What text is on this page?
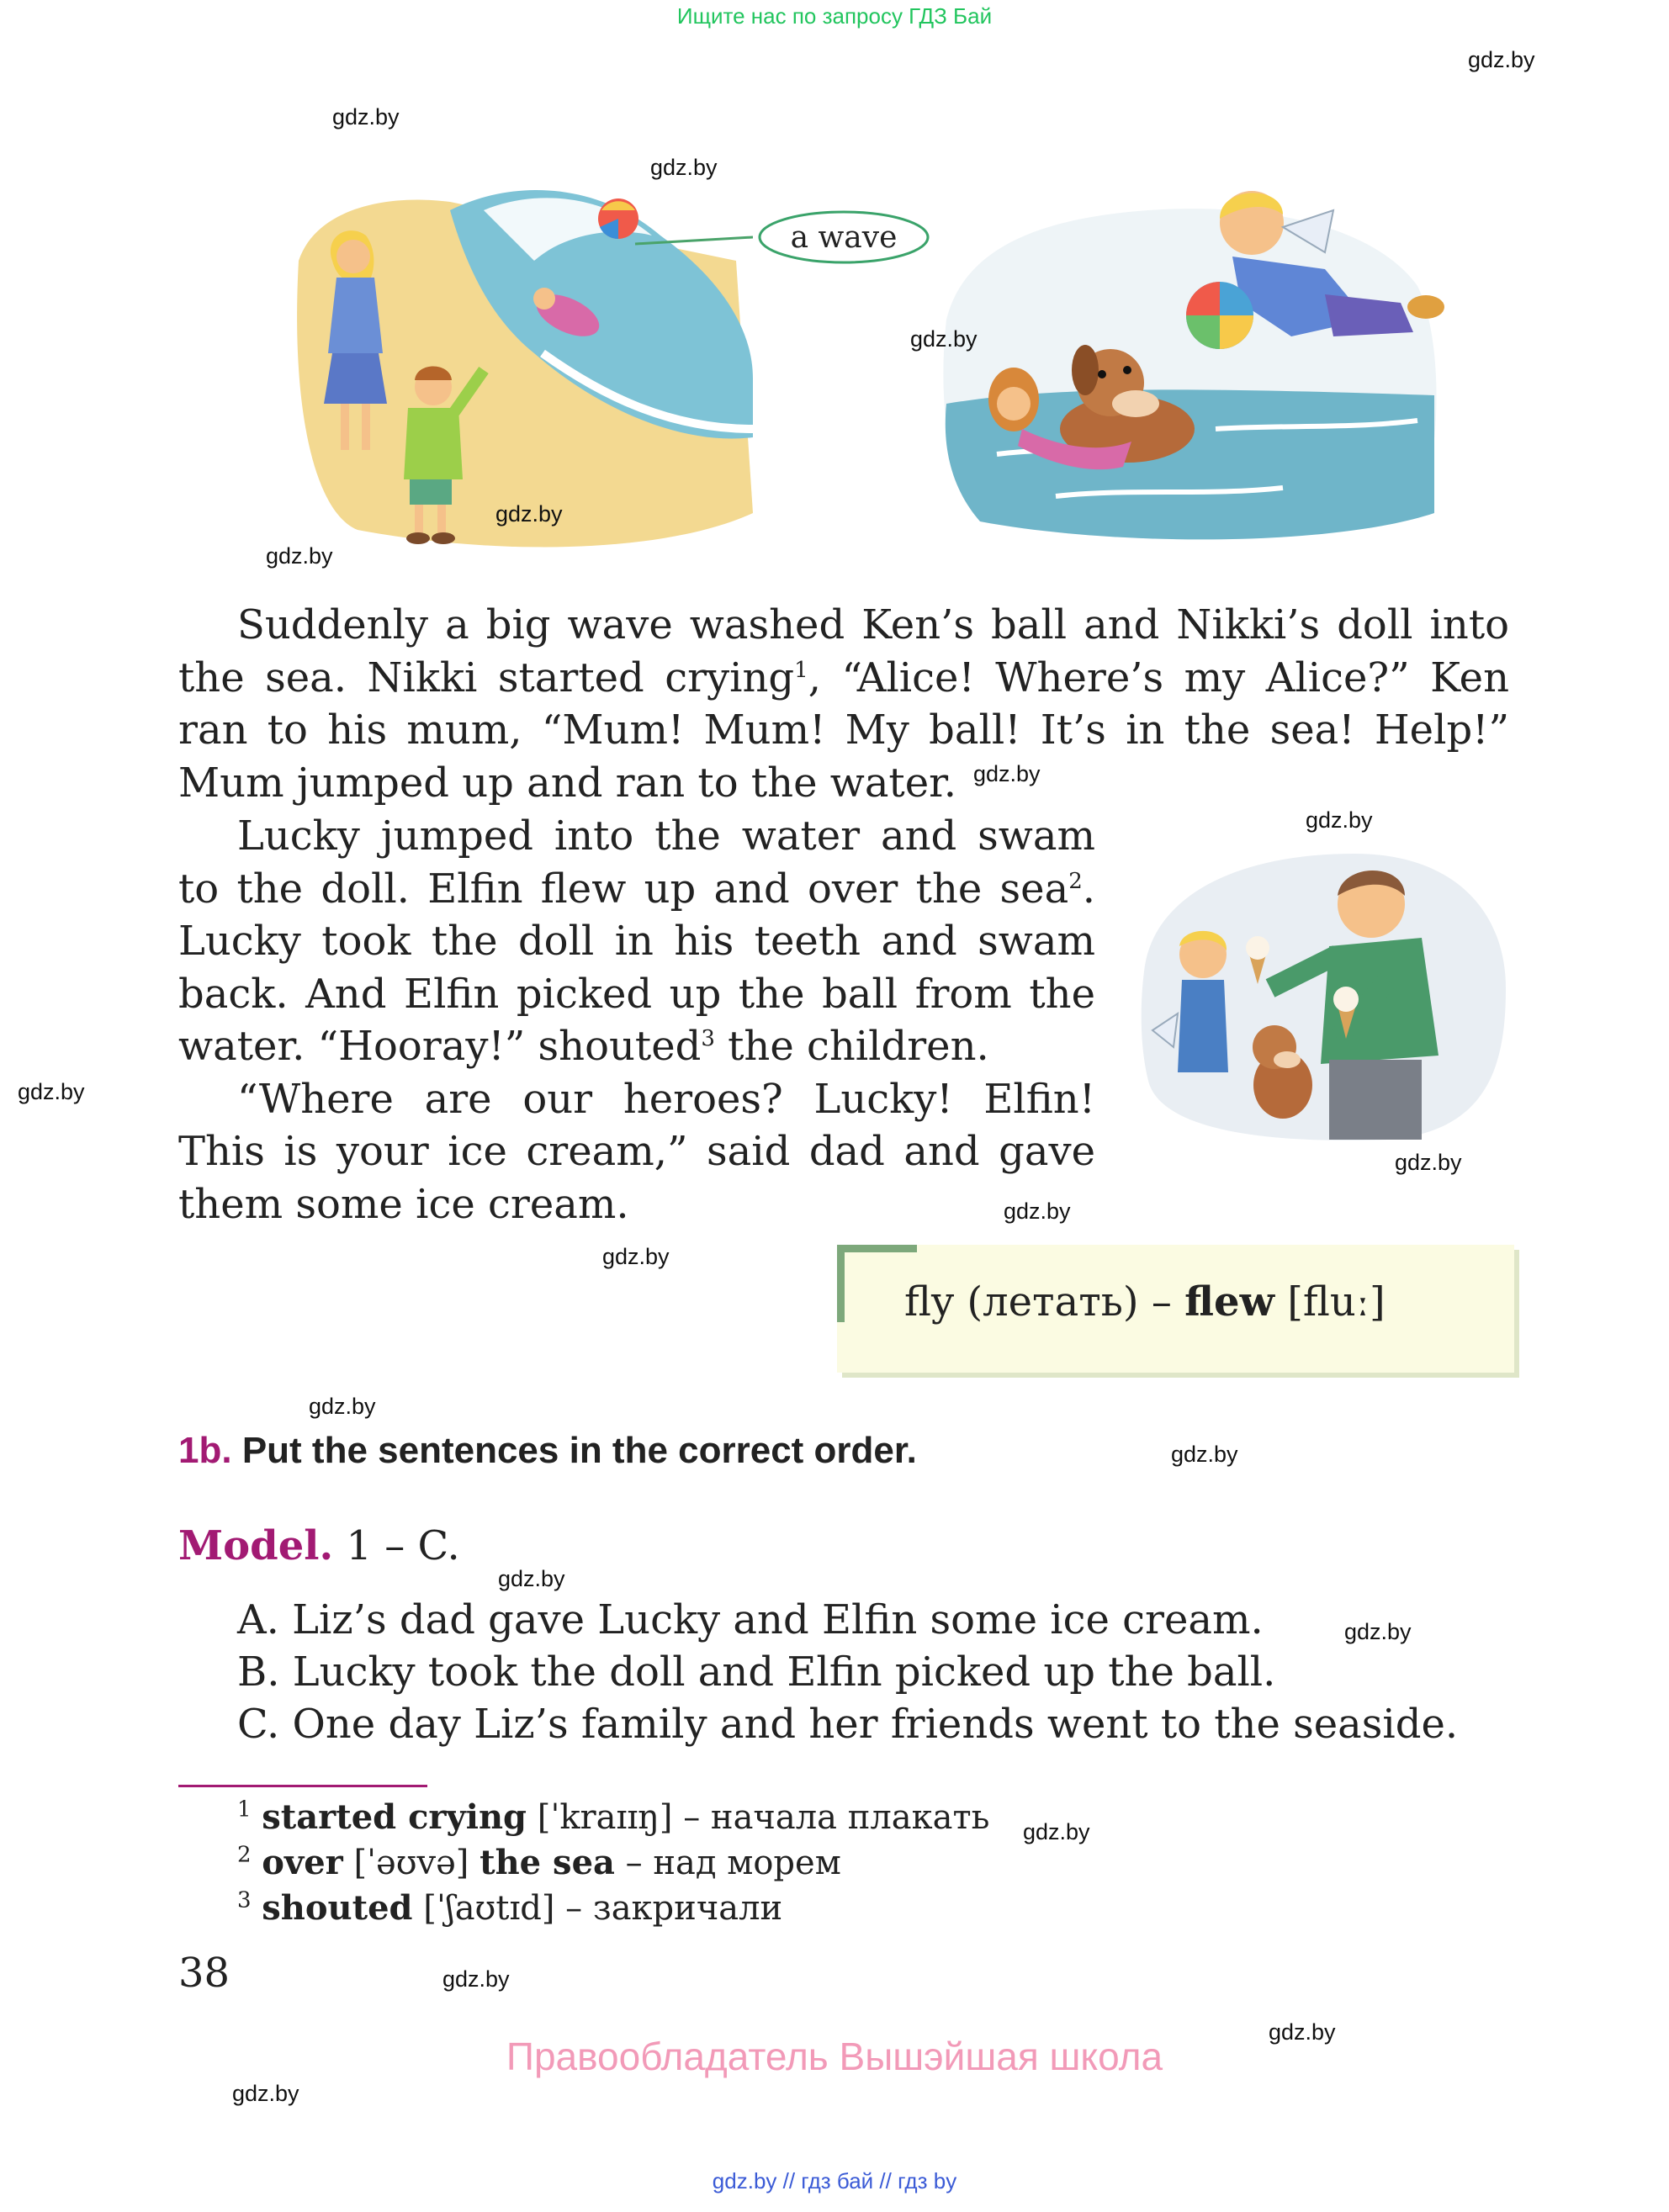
Ищите нас по запросу ГДЗ Бай
a wave

Suddenly a big wave washed Ken’s ball and Nikki’s doll into the sea. Nikki started crying$^1$, “Alice! Where’s my Alice?” Ken ran to his mum, “Mum! Mum! My ball! It’s in the sea! Help!” Mum jumped up and ran to the water.

Lucky jumped into the water and swam to the doll. Elfin flew up and over the sea$^2$. Lucky took the doll in his teeth and swam back. And Elfin picked up the ball from the water. “Hooray!” shouted$^3$ the children.

“Where are our heroes? Lucky! Elfin! This is your ice cream,” said dad and gave them some ice cream.

fly (летать) – flew [fluː]
1b. Put the sentences in the correct order.
Model. 1 – C.
A. Liz’s dad gave Lucky and Elfin some ice cream.
B. Lucky took the doll and Elfin picked up the ball.
C. One day Liz’s family and her friends went to the seaside.
$^1$ started crying [ˈkraɪɪŋ] – начала плакать
$^2$ over [ˈəʊvə] the sea – над морем
$^3$ shouted [ˈʃaʊtɪd] – закричали
38
Правообладатель Вышэйшая школа
gdz.by // гдз бай // гдз by
gdz.by
gdz.by
gdz.by
gdz.by
gdz.by
gdz.by
gdz.by
gdz.by
gdz.by
gdz.by
gdz.by
gdz.by
gdz.by
gdz.by
gdz.by
gdz.by
gdz.by
gdz.by
gdz.by
gdz.by
